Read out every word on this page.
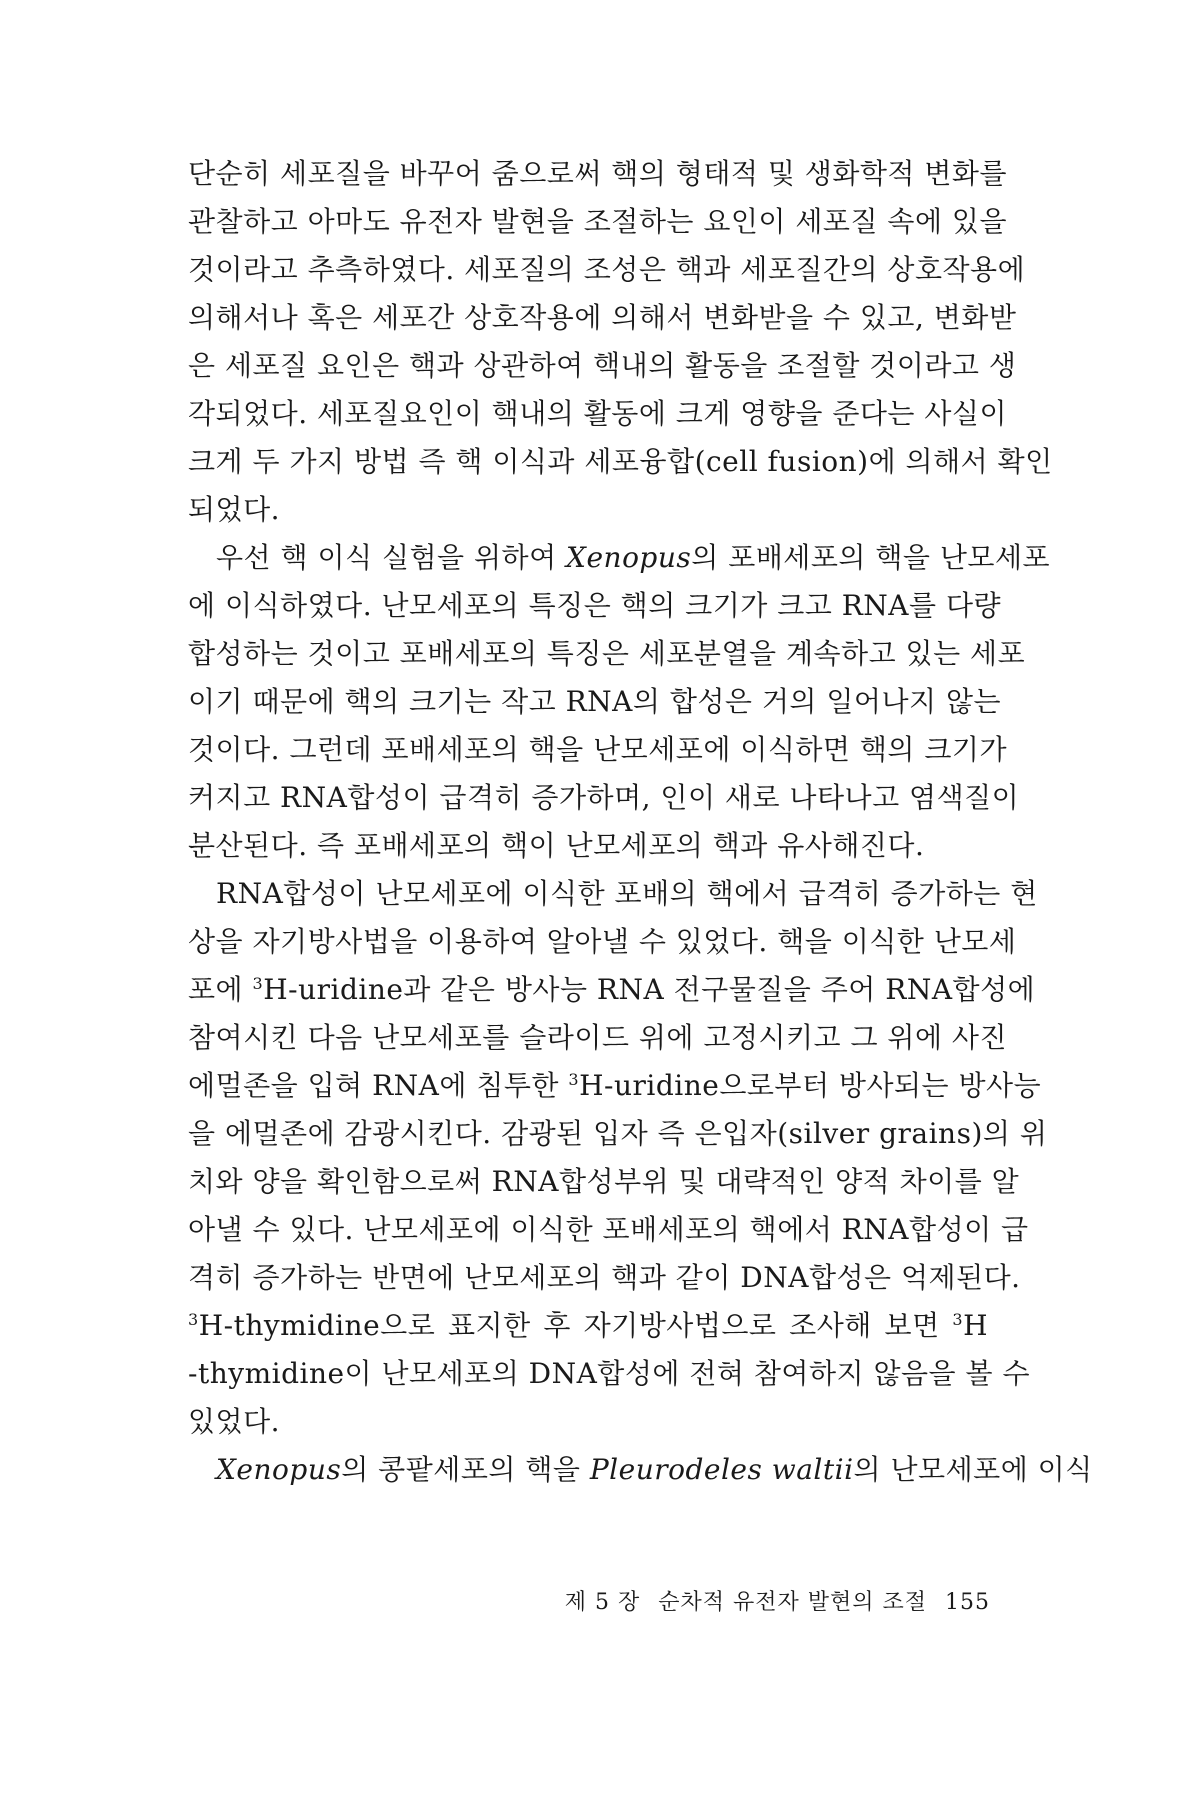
단순히 세포질을 바꾸어 줌으로써 핵의 형태적 및 생화학적 변화를
관찰하고 아마도 유전자 발현을 조절하는 요인이 세포질 속에 있을
것이라고 추측하였다. 세포질의 조성은 핵과 세포질간의 상호작용에
의해서나 혹은 세포간 상호작용에 의해서 변화받을 수 있고, 변화받
은 세포질 요인은 핵과 상관하여 핵내의 활동을 조절할 것이라고 생
각되었다. 세포질요인이 핵내의 활동에 크게 영향을 준다는 사실이
크게 두 가지 방법 즉 핵 이식과 세포융합(cell fusion)에 의해서 확인
되었다.
우선 핵 이식 실험을 위하여 Xenopus의 포배세포의 핵을 난모세포
에 이식하였다. 난모세포의 특징은 핵의 크기가 크고 RNA를 다량
합성하는 것이고 포배세포의 특징은 세포분열을 계속하고 있는 세포
이기 때문에 핵의 크기는 작고 RNA의 합성은 거의 일어나지 않는
것이다. 그런데 포배세포의 핵을 난모세포에 이식하면 핵의 크기가
커지고 RNA합성이 급격히 증가하며, 인이 새로 나타나고 염색질이
분산된다. 즉 포배세포의 핵이 난모세포의 핵과 유사해진다.
RNA합성이 난모세포에 이식한 포배의 핵에서 급격히 증가하는 현
상을 자기방사법을 이용하여 알아낼 수 있었다. 핵을 이식한 난모세
포에 $^3$H-uridine과 같은 방사능 RNA 전구물질을 주어 RNA합성에
참여시킨 다음 난모세포를 슬라이드 위에 고정시키고 그 위에 사진
에멀존을 입혀 RNA에 침투한 $^3$H-uridine으로부터 방사되는 방사능
을 에멀존에 감광시킨다. 감광된 입자 즉 은입자(silver grains)의 위
치와 양을 확인함으로써 RNA합성부위 및 대략적인 양적 차이를 알
아낼 수 있다. 난모세포에 이식한 포배세포의 핵에서 RNA합성이 급
격히 증가하는 반면에 난모세포의 핵과 같이 DNA합성은 억제된다.
$^3$H-thymidine으로 표지한 후 자기방사법으로 조사해 보면 $^3$H
-thymidine이 난모세포의 DNA합성에 전혀 참여하지 않음을 볼 수
있었다.
Xenopus의 콩팥세포의 핵을 Pleurodeles waltii의 난모세포에 이식
제 5 장 순차적 유전자 발현의 조절 155
